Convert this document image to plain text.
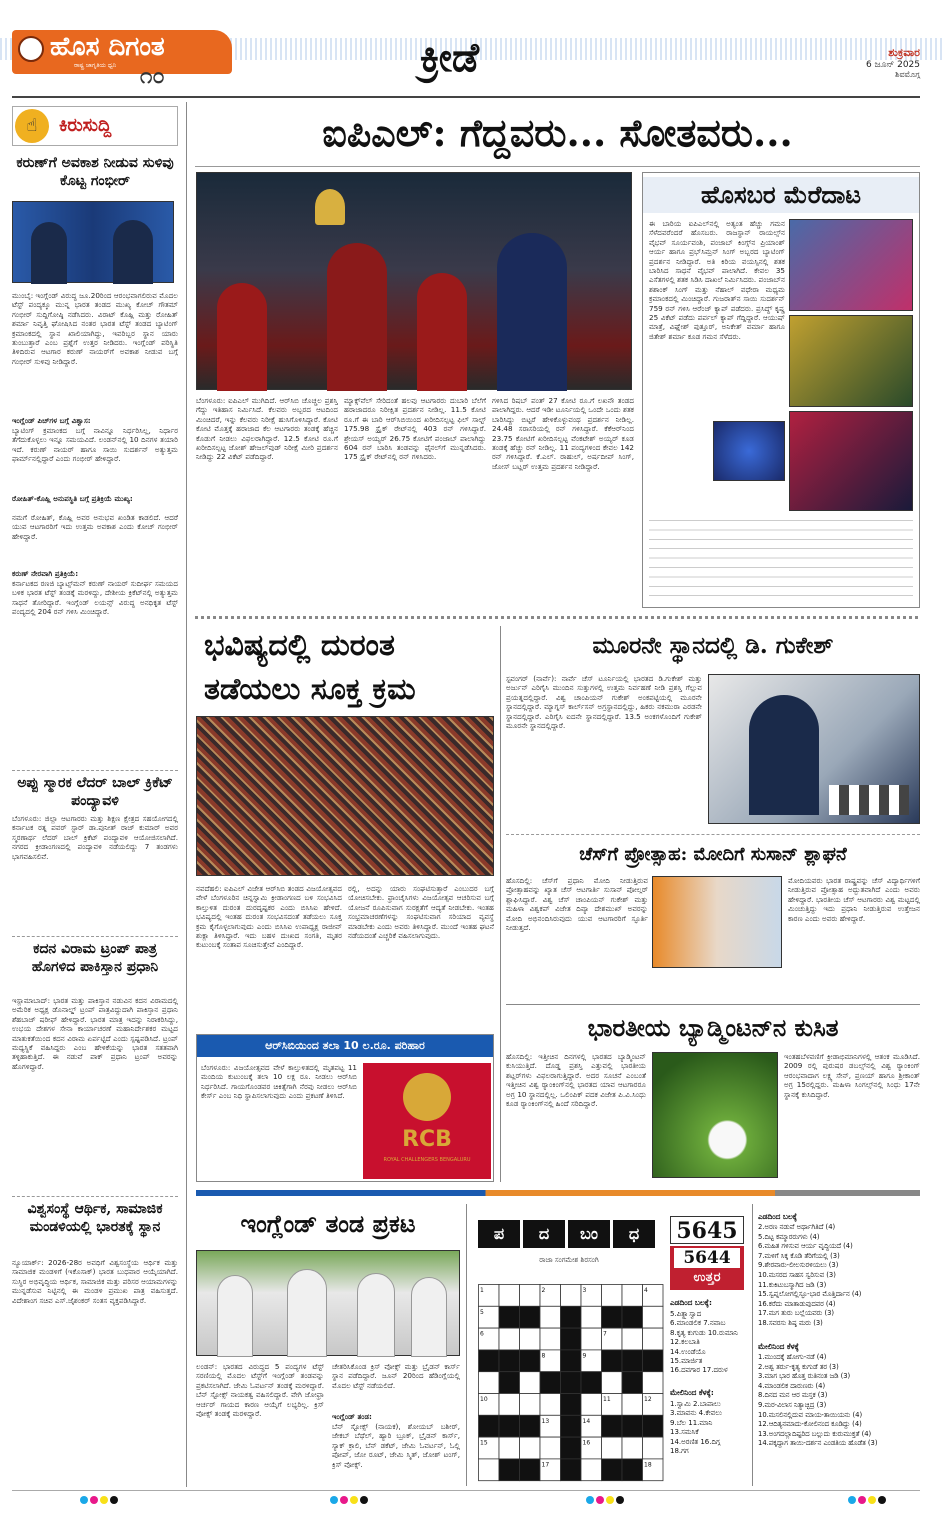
ಹೊಸ ದಿಗಂತ
ರಾಷ್ಟ್ರ ಜಾಗೃತಿಯ ಧ್ವನಿ ೧೦	ಕ್ರೀಡೆ	ಶುಕ್ರವಾರ
6 ಜೂನ್ 2025
ಶಿವಮೊಗ್ಗ
☝	ಕಿರುಸುದ್ದಿ
ಕರುಣ್‌ಗೆ ಅವಕಾಶ ನೀಡುವ ಸುಳಿವು ಕೊಟ್ಟ ಗಂಭೀರ್
ಮುಂಬೈ: ಇಂಗ್ಲೆಂಡ್ ವಿರುದ್ಧ ಜೂ.20ರಿಂದ ಆರಂಭವಾಗಲಿರುವ ಮೊದಲ ಟೆಸ್ಟ್ ಪಂದ್ಯಕ್ಕೂ ಮುನ್ನ ಭಾರತ ತಂಡದ ಮುಖ್ಯ ಕೋಚ್ ಗೌತಮ್ ಗಂಭೀರ್ ಸುದ್ದಿಗೋಷ್ಠಿ ನಡೆಸಿದರು. ವಿರಾಟ್ ಕೊಹ್ಲಿ ಮತ್ತು ರೋಹಿತ್ ಶರ್ಮಾ ನಿವೃತ್ತಿ ಘೋಷಿಸಿದ ನಂತರ ಭಾರತ ಟೆಸ್ಟ್ ತಂಡದ ಬ್ಯಾಟಿಂಗ್ ಕ್ರಮಾಂಕದಲ್ಲಿ ಸ್ಥಾನ ಖಾಲಿಯಾಗಿದ್ದು, ಇವರಿಬ್ಬರ ಸ್ಥಾನ ಯಾರು ತುಂಬುತ್ತಾರೆ ಎಂಬ ಪ್ರಶ್ನೆಗೆ ಉತ್ತರ ನೀಡಿದರು. ಇಂಗ್ಲೆಂಡ್ ಪರಿಸ್ಥಿತಿ ತಿಳಿದಿರುವ ಆಟಗಾರ ಕರುಣ್ ನಾಯರ್‌ಗೆ ಅವಕಾಶ ನೀಡುವ ಬಗ್ಗೆ ಗಂಭೀರ್ ಸುಳಿವು ನೀಡಿದ್ದಾರೆ.
ಇಂಗ್ಲೆಂಡ್ ಪಿಚ್‌ಗಳ ಬಗ್ಗೆ ವಿಶ್ವಾಸ:
ಬ್ಯಾಟಿಂಗ್ ಕ್ರಮಾಂಕದ ಬಗ್ಗೆ ನಾವಿನ್ನೂ ನಿರ್ಧರಿಸಿಲ್ಲ, ನಿರ್ಧಾರ ತೆಗೆದುಕೊಳ್ಳಲು ಇನ್ನೂ ಸಮಯವಿದೆ. ಲಂಡನ್‌ನಲ್ಲಿ 10 ದಿನಗಳ ತಯಾರಿ ಇದೆ. ಕರುಣ್ ನಾಯರ್ ಹಾಗೂ ಸಾಯಿ ಸುದರ್ಶನ್ ಅತ್ಯುತ್ತಮ ಫಾರ್ಮ್‌ನಲ್ಲಿದ್ದಾರೆ ಎಂದು ಗಂಭೀರ್ ಹೇಳಿದ್ದಾರೆ.
ರೋಹಿತ್-ಕೊಹ್ಲಿ ಅನುಪಸ್ಥಿತಿ ಬಗ್ಗೆ ಪ್ರತಿಕ್ರಿಯೆ ಮುಖ್ಯ:
ನಮಗೆ ರೋಹಿತ್, ಕೊಹ್ಲಿ ಅವರ ಅನುಭವ ಖಂಡಿತ ಕಾಡಲಿದೆ. ಆದರೆ ಯುವ ಆಟಗಾರರಿಗೆ ಇದು ಉತ್ತಮ ಅವಕಾಶ ಎಂದು ಕೋಚ್ ಗಂಭೀರ್ ಹೇಳಿದ್ದಾರೆ.
ಕರುಣ್ ನೇರವಾಗಿ ಪ್ರತಿಕ್ರಿಯೆ:
ಕರ್ನಾಟಕದ ರಣಜಿ ಬ್ಯಾಟ್ಸ್‌ಮನ್ ಕರುಣ್ ನಾಯರ್ ಸುದೀರ್ಘ ಸಮಯದ ಬಳಿಕ ಭಾರತ ಟೆಸ್ಟ್ ತಂಡಕ್ಕೆ ಮರಳಿದ್ದು, ದೇಶೀಯ ಕ್ರಿಕೆಟ್‌ನಲ್ಲಿ ಅತ್ಯುತ್ತಮ ಸಾಧನೆ ತೋರಿದ್ದಾರೆ. ಇಂಗ್ಲೆಂಡ್ ಲಯನ್ಸ್ ವಿರುದ್ಧ ಅನಧಿಕೃತ ಟೆಸ್ಟ್ ಪಂದ್ಯದಲ್ಲಿ 204 ರನ್ ಗಳಿಸಿ ಮಿಂಚಿದ್ದಾರೆ.
ಅಪ್ಪು ಸ್ಮಾರಕ ಲೆದರ್ ಬಾಲ್ ಕ್ರಿಕೆಟ್ ಪಂದ್ಯಾವಳಿ
ಬೆಂಗಳೂರು: ಜಿಲ್ಲಾ ಆಟಗಾರರು ಮತ್ತು ಶಿಕ್ಷಣ ಕ್ಷೇತ್ರದ ಸಹಯೋಗದಲ್ಲಿ ಕರ್ನಾಟಕ ರತ್ನ ಪವರ್ ಸ್ಟಾರ್ ಡಾ.ಪುನೀತ್ ರಾಜ್ ಕುಮಾರ್ ಅವರ ಸ್ಮರಣಾರ್ಥ ಲೆದರ್ ಬಾಲ್ ಕ್ರಿಕೆಟ್ ಪಂದ್ಯಾವಳಿ ಆಯೋಜಿಸಲಾಗಿದೆ. ನಗರದ ಕ್ರೀಡಾಂಗಣದಲ್ಲಿ ಪಂದ್ಯಾವಳಿ ನಡೆಯಲಿದ್ದು 7 ತಂಡಗಳು ಭಾಗವಹಿಸಲಿವೆ.
ಕದನ ವಿರಾಮ ಟ್ರಂಪ್ ಪಾತ್ರ ಹೊಗಳಿದ ಪಾಕಿಸ್ತಾನ ಪ್ರಧಾನಿ
ಇಸ್ಲಾಮಾಬಾದ್: ಭಾರತ ಮತ್ತು ಪಾಕಿಸ್ತಾನ ನಡುವಿನ ಕದನ ವಿರಾಮದಲ್ಲಿ ಅಮೆರಿಕ ಅಧ್ಯಕ್ಷ ಡೊನಾಲ್ಡ್ ಟ್ರಂಪ್ ಪಾತ್ರವಿದ್ದುದಾಗಿ ಪಾಕಿಸ್ತಾನ ಪ್ರಧಾನಿ ಶೆಹಬಾಜ್ ಷರೀಫ್ ಹೇಳಿದ್ದಾರೆ. ಭಾರತ ಮಾತ್ರ ಇದನ್ನು ನಿರಾಕರಿಸಿದ್ದು, ಉಭಯ ದೇಶಗಳ ಸೇನಾ ಕಾರ್ಯಾಚರಣೆ ಮಹಾನಿರ್ದೇಶಕರ ಮಟ್ಟದ ಮಾತುಕತೆಯಿಂದ ಕದನ ವಿರಾಮ ಏರ್ಪಟ್ಟಿದೆ ಎಂದು ಸ್ಪಷ್ಟಪಡಿಸಿದೆ. ಟ್ರಂಪ್ ಮಧ್ಯಸ್ಥಿಕೆ ವಹಿಸಿದ್ದರು ಎಂಬ ಹೇಳಿಕೆಯನ್ನು ಭಾರತ ಸತತವಾಗಿ ತಳ್ಳಿಹಾಕುತ್ತಿದೆ. ಈ ನಡುವೆ ಪಾಕ್ ಪ್ರಧಾನಿ ಟ್ರಂಪ್ ಅವರನ್ನು ಹೊಗಳಿದ್ದಾರೆ.
ವಿಶ್ವಸಂಸ್ಥೆ ಆರ್ಥಿಕ, ಸಾಮಾಜಿಕ ಮಂಡಳಿಯಲ್ಲಿ ಭಾರತಕ್ಕೆ ಸ್ಥಾನ
ನ್ಯೂಯಾರ್ಕ್: 2026-28ರ ಅವಧಿಗೆ ವಿಶ್ವಸಂಸ್ಥೆಯ ಆರ್ಥಿಕ ಮತ್ತು ಸಾಮಾಜಿಕ ಮಂಡಳಿಗೆ (ಇಕೊಸಾಕ್) ಭಾರತ ಬುಧವಾರ ಆಯ್ಕೆಯಾಗಿದೆ. ಸುಸ್ಥಿರ ಅಭಿವೃದ್ಧಿಯ ಆರ್ಥಿಕ, ಸಾಮಾಜಿಕ ಮತ್ತು ಪರಿಸರ ಆಯಾಮಗಳನ್ನು ಮುನ್ನಡೆಸುವ ನಿಟ್ಟಿನಲ್ಲಿ ಈ ಮಂಡಳಿ ಪ್ರಮುಖ ಪಾತ್ರ ವಹಿಸುತ್ತದೆ. ವಿದೇಶಾಂಗ ಸಚಿವ ಎಸ್.ಜೈಶಂಕರ್ ಸಂತಸ ವ್ಯಕ್ತಪಡಿಸಿದ್ದಾರೆ.
ಐಪಿಎಲ್: ಗೆದ್ದವರು... ಸೋತವರು...
ಬೆಂಗಳೂರು: ಐಪಿಎಲ್ ಮುಗಿದಿದೆ. ಆರ್‌ಸಿಬಿ ಚೊಚ್ಚಲ ಪ್ರಶಸ್ತಿ ಗೆದ್ದು ಇತಿಹಾಸ ನಿರ್ಮಿಸಿದೆ. ಕೆಲವರು ಅಬ್ಬರದ ಆಟದಿಂದ ಮಿಂಚಿದರೆ, ಇನ್ನು ಕೆಲವರು ನಿರೀಕ್ಷೆ ಹುಸಿಗೊಳಿಸಿದ್ದಾರೆ. ಕೋಟಿ ಕೋಟಿ ಮೊತ್ತಕ್ಕೆ ಹರಾಜಾದ ಕೆಲ ಆಟಗಾರರು ತಂಡಕ್ಕೆ ಹೆಚ್ಚಿನ ಕೊಡುಗೆ ನೀಡಲು ವಿಫಲರಾಗಿದ್ದಾರೆ. 12.5 ಕೋಟಿ ರೂ.ಗೆ ಖರೀದಿಸಲ್ಪಟ್ಟ ಜೋಶ್ ಹೇಜಲ್‌ವುಡ್ ನಿರೀಕ್ಷೆ ಮೀರಿ ಪ್ರದರ್ಶನ ನೀಡಿದ್ದು 22 ವಿಕೆಟ್ ಪಡೆದಿದ್ದಾರೆ.
ಮ್ಯಾಕ್ಸ್‌ವೆಲ್ ಸೇರಿದಂತೆ ಹಲವು ಆಟಗಾರರು ದುಬಾರಿ ಬೆಲೆಗೆ ಹರಾಜಾದರೂ ನಿರೀಕ್ಷಿತ ಪ್ರದರ್ಶನ ನೀಡಿಲ್ಲ. 11.5 ಕೋಟಿ ರೂ.ಗೆ ಈ ಬಾರಿ ಆರ್‌ಸಿಬಿಯಿಂದ ಖರೀದಿಸಲ್ಪಟ್ಟ ಫಿಲ್ ಸಾಲ್ಟ್ 175.98 ಸ್ಟ್ರೈಕ್ ರೇಟ್‌ನಲ್ಲಿ 403 ರನ್ ಗಳಿಸಿದ್ದಾರೆ. ಶ್ರೇಯಸ್ ಅಯ್ಯರ್ 26.75 ಕೋಟಿಗೆ ಪಂಜಾಬ್ ಪಾಲಾಗಿದ್ದು 604 ರನ್ ಬಾರಿಸಿ ತಂಡವನ್ನು ಫೈನಲ್‌ಗೆ ಮುನ್ನಡೆಸಿದರು. 175 ಸ್ಟ್ರೈಕ್ ರೇಟ್‌ನಲ್ಲಿ ರನ್ ಗಳಿಸಿದರು.
ಗಳಿಸಿದ ರಿಷಬ್ ಪಂತ್ 27 ಕೋಟಿ ರೂ.ಗೆ ಲಖನೌ ತಂಡದ ಪಾಲಾಗಿದ್ದರು. ಆದರೆ ಇಡೀ ಟೂರ್ನಿಯಲ್ಲಿ ಒಂದೇ ಒಂದು ಶತಕ ಬಾರಿಸಿದ್ದು ಬಿಟ್ಟರೆ ಹೇಳಿಕೊಳ್ಳುವಂಥ ಪ್ರದರ್ಶನ ನೀಡಿಲ್ಲ. 24.48 ಸರಾಸರಿಯಲ್ಲಿ ರನ್ ಗಳಿಸಿದ್ದಾರೆ. ಕೆಕೆಆರ್‌ನಿಂದ 23.75 ಕೋಟಿಗೆ ಖರೀದಿಸಲ್ಪಟ್ಟ ವೆಂಕಟೇಶ್ ಅಯ್ಯರ್ ಕೂಡ ತಂಡಕ್ಕೆ ಹೆಚ್ಚು ರನ್ ನೀಡಿಲ್ಲ. 11 ಪಂದ್ಯಗಳಿಂದ ಕೇವಲ 142 ರನ್ ಗಳಿಸಿದ್ದಾರೆ. ಕೆ.ಎಲ್. ರಾಹುಲ್, ಅರ್ಷದೀಪ್ ಸಿಂಗ್, ಜೋಸ್ ಬಟ್ಲರ್ ಉತ್ತಮ ಪ್ರದರ್ಶನ ನೀಡಿದ್ದಾರೆ.
ಹೊಸಬರ ಮೆರೆದಾಟ
ಈ ಬಾರಿಯ ಐಪಿಎಲ್‌ನಲ್ಲಿ ಅತ್ಯಂತ ಹೆಚ್ಚು ಗಮನ ಸೆಳೆದವರೆಂದರೆ ಹೊಸಬರು. ರಾಜಸ್ಥಾನ್ ರಾಯಲ್ಸ್‌ನ ವೈಭವ್ ಸೂರ್ಯವಂಶಿ, ಪಂಜಾಬ್ ಕಿಂಗ್ಸ್‌ನ ಪ್ರಿಯಾಂಶ್ ಆರ್ಯ ಹಾಗೂ ಪ್ರಭ್‌ಸಿಮ್ರನ್ ಸಿಂಗ್ ಅಬ್ಬರದ ಬ್ಯಾಟಿಂಗ್ ಪ್ರದರ್ಶನ ನೀಡಿದ್ದಾರೆ. ಅತಿ ಕಿರಿಯ ವಯಸ್ಸಿನಲ್ಲಿ ಶತಕ ಬಾರಿಸಿದ ಸಾಧನೆ ವೈಭವ್ ಪಾಲಾಗಿದೆ. ಕೇವಲ 35 ಎಸೆತಗಳಲ್ಲಿ ಶತಕ ಸಿಡಿಸಿ ದಾಖಲೆ ನಿರ್ಮಿಸಿದರು. ಪಂಜಾಬ್‌ನ ಶಶಾಂಕ್ ಸಿಂಗ್ ಮತ್ತು ನೆಹಾಲ್ ವಧೇರಾ ಮಧ್ಯಮ ಕ್ರಮಾಂಕದಲ್ಲಿ ಮಿಂಚಿದ್ದಾರೆ. ಗುಜರಾತ್‌ನ ಸಾಯಿ ಸುದರ್ಶನ್ 759 ರನ್ ಗಳಿಸಿ ಆರೆಂಜ್ ಕ್ಯಾಪ್ ಪಡೆದರು. ಪ್ರಸಿದ್ಧ್ ಕೃಷ್ಣ 25 ವಿಕೆಟ್ ಪಡೆದು ಪರ್ಪಲ್ ಕ್ಯಾಪ್ ಗೆದ್ದಿದ್ದಾರೆ. ಆಯುಷ್ ಮಾತ್ರೆ, ವಿಘ್ನೇಶ್ ಪುತ್ತೂರ್, ಅನಿಕೇತ್ ವರ್ಮಾ ಹಾಗೂ ಜಿತೇಶ್ ಶರ್ಮಾ ಕೂಡ ಗಮನ ಸೆಳೆದರು.
ಭವಿಷ್ಯದಲ್ಲಿ ದುರಂತ
ತಡೆಯಲು ಸೂಕ್ತ ಕ್ರಮ
ನವದೆಹಲಿ: ಐಪಿಎಲ್ ವಿಜೇತ ಆರ್‌ಸಿಬಿ ತಂಡದ ವಿಜಯೋತ್ಸವದ ವೇಳೆ ಬೆಂಗಳೂರಿನ ಚಿನ್ನಸ್ವಾಮಿ ಕ್ರೀಡಾಂಗಣದ ಬಳಿ ಸಂಭವಿಸಿದ ಕಾಲ್ತುಳಿತ ದುರಂತ ದುರದೃಷ್ಟಕರ ಎಂದು ಬಿಸಿಸಿಐ ಹೇಳಿದೆ. ಭವಿಷ್ಯದಲ್ಲಿ ಇಂತಹ ದುರಂತ ಸಂಭವಿಸದಂತೆ ತಡೆಯಲು ಸೂಕ್ತ ಕ್ರಮ ಕೈಗೊಳ್ಳಲಾಗುವುದು ಎಂದು ಬಿಸಿಸಿಐ ಉಪಾಧ್ಯಕ್ಷ ರಾಜೀವ್ ಶುಕ್ಲಾ ತಿಳಿಸಿದ್ದಾರೆ. ಇದು ಬಹಳ ದುಃಖದ ಸಂಗತಿ, ಮೃತರ ಕುಟುಂಬಕ್ಕೆ ಸಂತಾಪ ಸೂಚಿಸುತ್ತೇವೆ ಎಂದಿದ್ದಾರೆ.
ರಲ್ಲಿ, ಅದನ್ನು ಯಾರು ಸಂಘಟಿಸುತ್ತಾರೆ ಎಂಬುದರ ಬಗ್ಗೆ ಯೋಚಿಸಬೇಕು. ಫ್ರಾಂಚೈಸಿಗಳು ವಿಜಯೋತ್ಸವ ಆಚರಿಸುವ ಬಗ್ಗೆ ಯೋಜನೆ ರೂಪಿಸುವಾಗ ಸುರಕ್ಷತೆಗೆ ಆದ್ಯತೆ ನೀಡಬೇಕು. ಇಂತಹ ಸಂಭ್ರಮಾಚರಣೆಗಳನ್ನು ಸಂಘಟಿಸುವಾಗ ಸರಿಯಾದ ವ್ಯವಸ್ಥೆ ಮಾಡಬೇಕು ಎಂದು ಅವರು ತಿಳಿಸಿದ್ದಾರೆ. ಮುಂದೆ ಇಂತಹ ಘಟನೆ ನಡೆಯದಂತೆ ಎಚ್ಚರಿಕೆ ವಹಿಸಲಾಗುವುದು.
ಆರ್‌ಸಿಬಿಯಿಂದ ತಲಾ 10 ಲ.ರೂ. ಪರಿಹಾರ
ಬೆಂಗಳೂರು: ವಿಜಯೋತ್ಸವದ ವೇಳೆ ಕಾಲ್ತುಳಿತದಲ್ಲಿ ಮೃತಪಟ್ಟ 11 ಮಂದಿಯ ಕುಟುಂಬಕ್ಕೆ ತಲಾ 10 ಲಕ್ಷ ರೂ. ನೀಡಲು ಆರ್‌ಸಿಬಿ ನಿರ್ಧರಿಸಿದೆ. ಗಾಯಗೊಂಡವರ ಚಿಕಿತ್ಸೆಗಾಗಿ ನೆರವು ನೀಡಲು ಆರ್‌ಸಿಬಿ ಕೇರ್ಸ್ ಎಂಬ ನಿಧಿ ಸ್ಥಾಪಿಸಲಾಗುವುದು ಎಂದು ಪ್ರಕಟಣೆ ತಿಳಿಸಿದೆ.
RCB
ROYAL CHALLENGERS BENGALURU
ಮೂರನೇ ಸ್ಥಾನದಲ್ಲಿ ಡಿ. ಗುಕೇಶ್
ಸ್ಟವಂಗರ್ (ನಾರ್ವೆ): ನಾರ್ವೆ ಚೆಸ್ ಟೂರ್ನಿಯಲ್ಲಿ ಭಾರತದ ಡಿ.ಗುಕೇಶ್ ಮತ್ತು ಅರ್ಜುನ್ ಎರಿಗೈಸಿ ಮುಂದಿನ ಸುತ್ತುಗಳಲ್ಲಿ ಉತ್ತಮ ನಿರ್ವಹಣೆ ನೀಡಿ ಪ್ರಶಸ್ತಿ ಗೆಲ್ಲುವ ಪ್ರಯತ್ನದಲ್ಲಿದ್ದಾರೆ. ವಿಶ್ವ ಚಾಂಪಿಯನ್ ಗುಕೇಶ್ ಅಂಕಪಟ್ಟಿಯಲ್ಲಿ ಮೂರನೇ ಸ್ಥಾನದಲ್ಲಿದ್ದಾರೆ. ಮ್ಯಾಗ್ನಸ್ ಕಾರ್ಲ್‌ಸನ್ ಅಗ್ರಸ್ಥಾನದಲ್ಲಿದ್ದು, ಹಿಕರು ನಕಮುರಾ ಎರಡನೇ ಸ್ಥಾನದಲ್ಲಿದ್ದಾರೆ. ಎರಿಗೈಸಿ ಐದನೇ ಸ್ಥಾನದಲ್ಲಿದ್ದಾರೆ. 13.5 ಅಂಕಗಳೊಂದಿಗೆ ಗುಕೇಶ್ ಮೂರನೇ ಸ್ಥಾನದಲ್ಲಿದ್ದಾರೆ.
ಚೆಸ್‌ಗೆ ಪ್ರೋತ್ಸಾಹ: ಮೋದಿಗೆ ಸುಸಾನ್ ಶ್ಲಾಘನೆ
ಹೊಸದಿಲ್ಲಿ: ಚೆಸ್‌ಗೆ ಪ್ರಧಾನಿ ಮೋದಿ ನೀಡುತ್ತಿರುವ ಪ್ರೋತ್ಸಾಹವನ್ನು ಖ್ಯಾತ ಚೆಸ್ ಆಟಗಾರ್ತಿ ಸುಸಾನ್ ಪೋಲ್ಗರ್ ಶ್ಲಾಘಿಸಿದ್ದಾರೆ. ವಿಶ್ವ ಚೆಸ್ ಚಾಂಪಿಯನ್ ಗುಕೇಶ್ ಮತ್ತು ಮಹಿಳಾ ವಿಶ್ವಕಪ್ ವಿಜೇತ ದಿವ್ಯಾ ದೇಶಮುಖ್ ಅವರನ್ನು ಮೋದಿ ಅಭಿನಂದಿಸಿರುವುದು ಯುವ ಆಟಗಾರರಿಗೆ ಸ್ಫೂರ್ತಿ ನೀಡುತ್ತದೆ.
ಮೋದಿಯವರು ಭಾರತ ರಾಷ್ಟ್ರವನ್ನು ಚೆಸ್ ವಿದ್ಯಾರ್ಥಿಗಳಿಗೆ ನೀಡುತ್ತಿರುವ ಪ್ರೋತ್ಸಾಹ ಅದ್ಭುತವಾಗಿದೆ ಎಂದು ಅವರು ಹೇಳಿದ್ದಾರೆ. ಭಾರತೀಯ ಚೆಸ್ ಆಟಗಾರರು ವಿಶ್ವ ಮಟ್ಟದಲ್ಲಿ ಮಿಂಚುತ್ತಿದ್ದು ಇದು ಪ್ರಧಾನಿ ನೀಡುತ್ತಿರುವ ಉತ್ತೇಜನ ಕಾರಣ ಎಂದು ಅವರು ಹೇಳಿದ್ದಾರೆ.
ಭಾರತೀಯ ಬ್ಯಾಡ್ಮಿಂಟನ್‌ನ ಕುಸಿತ
ಹೊಸದಿಲ್ಲಿ: ಇತ್ತೀಚಿನ ದಿನಗಳಲ್ಲಿ ಭಾರತದ ಬ್ಯಾಡ್ಮಿಂಟನ್ ಕುಸಿಯುತ್ತಿದೆ. ದೊಡ್ಡ ಪ್ರಶಸ್ತಿ ಎತ್ತುವಲ್ಲಿ ಭಾರತೀಯ ಶಟ್ಲರ್‌ಗಳು ವಿಫಲರಾಗುತ್ತಿದ್ದಾರೆ. ಅದರ ಸೂಚನೆ ಎಂಬಂತೆ ಇತ್ತೀಚಿನ ವಿಶ್ವ ರ‍್ಯಾಂಕಿಂಗ್‌ನಲ್ಲಿ ಭಾರತದ ಯಾವ ಆಟಗಾರರೂ ಅಗ್ರ 10 ಸ್ಥಾನದಲ್ಲಿಲ್ಲ. ಒಲಿಂಪಿಕ್ ಪದಕ ವಿಜೇತ ಪಿ.ವಿ.ಸಿಂಧು ಕೂಡ ರ‍್ಯಾಂಕಿಂಗ್‌ನಲ್ಲಿ ಹಿಂದೆ ಸರಿದಿದ್ದಾರೆ.
ಇಂತಹಬೆಳವಣಿಗೆ ಕ್ರೀಡಾಭಿಮಾನಿಗಳಲ್ಲಿ ಆತಂಕ ಮೂಡಿಸಿದೆ. 2009 ರಲ್ಲಿ ಪುರುಷರ ಡಬಲ್ಸ್‌ನಲ್ಲಿ ವಿಶ್ವ ರ‍್ಯಾಂಕಿಂಗ್ ಆರಂಭವಾದಾಗ ಲಕ್ಷ್ಯ ಸೇನ್, ಪ್ರಣಯ್ ಹಾಗೂ ಶ್ರೀಕಾಂತ್ ಅಗ್ರ 15ರಲ್ಲಿದ್ದರು. ಮಹಿಳಾ ಸಿಂಗಲ್ಸ್‌ನಲ್ಲಿ ಸಿಂಧು 17ನೇ ಸ್ಥಾನಕ್ಕೆ ಕುಸಿದಿದ್ದಾರೆ.
ಇಂಗ್ಲೆಂಡ್ ತಂಡ ಪ್ರಕಟ
ಲಂಡನ್: ಭಾರತದ ವಿರುದ್ಧದ 5 ಪಂದ್ಯಗಳ ಟೆಸ್ಟ್ ಸರಣಿಯಲ್ಲಿ ಮೊದಲ ಟೆಸ್ಟ್‌ಗೆ ಇಂಗ್ಲೆಂಡ್ ತಂಡವನ್ನು ಪ್ರಕಟಿಸಲಾಗಿದೆ. ಜೇಮಿ ಓವರ್ಟನ್ ತಂಡಕ್ಕೆ ಮರಳಿದ್ದಾರೆ. ಬೆನ್ ಸ್ಟೋಕ್ಸ್ ನಾಯಕತ್ವ ವಹಿಸಲಿದ್ದಾರೆ. ವೇಗಿ ಜೋಫ್ರಾ ಆರ್ಚರ್ ಗಾಯದ ಕಾರಣ ಆಯ್ಕೆಗೆ ಲಭ್ಯರಿಲ್ಲ. ಕ್ರಿಸ್ ವೋಕ್ಸ್ ತಂಡಕ್ಕೆ ಮರಳಿದ್ದಾರೆ.
ಚೇತರಿಸಿಕೊಂಡ ಕ್ರಿಸ್ ವೋಕ್ಸ್ ಮತ್ತು ಬ್ರೈಡನ್ ಕಾರ್ಸ್ ಸ್ಥಾನ ಪಡೆದಿದ್ದಾರೆ. ಜೂನ್ 20ರಿಂದ ಹೆಡಿಂಗ್ಲೆಯಲ್ಲಿ ಮೊದಲ ಟೆಸ್ಟ್ ನಡೆಯಲಿದೆ.
ಇಂಗ್ಲೆಂಡ್ ತಂಡ:
ಬೆನ್ ಸ್ಟೋಕ್ಸ್ (ನಾಯಕ), ಶೋಯಬ್ ಬಶೀರ್, ಜೇಕಬ್ ಬೆಥೆಲ್, ಹ್ಯಾರಿ ಬ್ರೂಕ್, ಬ್ರೈಡನ್ ಕಾರ್ಸ್, ಸ್ಯಾಕ್ ಕ್ರಾಲಿ, ಬೆನ್ ಡಕೆಟ್, ಜೇಮಿ ಓವರ್ಟನ್, ಓಲ್ಲಿ ಪೋಪ್, ಜೋ ರೂಟ್, ಜೇಮಿ ಸ್ಮಿತ್, ಜೋಶ್ ಟಂಗ್, ಕ್ರಿಸ್ ವೋಕ್ಸ್.
ಪ	ದ	ಬಂ	ಧ
ರಾಜಾ ಸಂಗಮೇಶ ಶಿರಸಂಗಿ
1	2	3	4
5
6	7
8	9
10	11	12
13	14
15	16
17	18
5645
5644
ಉತ್ತರ
ಎಡದಿಂದ ಬಲಕ್ಕೆ:
5.ಪಿತ್ಥ್ಯಾಸ್ವಾದ
6.ಮಾಂಡಲಿಕ 7.ನವಾಬ
8.ಕೃತ್ಯ ಕುಗುಡು 10.ರುಮಾನಿ
12.ಕಲಬಾತಿ
14.ಉಂಡೆಯೊ
15.ಮಾರ್ಜಿತ
16.ದವಗಾರ 17.ದರುಳ
ಮೇಲಿನಿಂದ ಕೆಳಕ್ಕೆ:
1.ಸ್ವಾಮಿ 2.ಬಾಪಾಲು
3.ಮಾವನು 4.ಕೇವಲು
9.ಬೆಲ 11.ಮಾನಿ
13.ಸಮಸಿಕೆ
14.ಅರಣಿತ 16.ದಿಗ್ಗ
18.ಗಗ
ಎಡದಿಂದ ಬಲಕ್ಕೆ
2.ಅರಣ ನಡುವೆ ಅರ್ಥಾಗಿತಿದೆ (4)
5.ದಿಟ್ಟ ಕಮ್ಮಾರರುಗಳು (4)
6.ಮಹಿತ ಗಳಿಸುವ ಆರ್ಯ ವೃದ್ಧಿಯದೆ (4)
7.ಮಳಿಗೆ ಸಿಕ್ಕ ಕೊಡಿ ತೆರಿಗೆಯಲ್ಲಿ (3)
9.ಶೇರವಾರು-ಲೀಲಸುರಳಿಯಲು (3)
10.ಮಸರದ ಸಾಹಸ ಸ್ವರಿಸುವ (3)
11.ಕುಕಿಟುಬಸ್ಮಾಗಿದ ಜಡಿ (3)
15.ಸ್ವಪ್ನಲೋಗಲ್ಲಿಸ್ಫೂ-ಭಾರ ಮೊತ್ತಿರ್ದಾನ (4)
16.ಕರೆದು ಮಾತಾಡುವುದವರ (4)
17.ಮಗ ತುರು ಬಲ್ಲೆಯವರು (3)
18.ಸವರಸು ಶಿಷ್ಠ ಮರು (3)
ಮೇಲಿನಿಂದ ಕೆಳಕ್ಕೆ
1.ಮುಂದಕ್ಕೆ ಹೋಗು-ನಡೆ (4)
2.ಅಶ್ವ ತರ್ರು-ಕೃತ್ಯ ಕುಗುಡೆ ತರ (3)
3.ಮಾಗ ಭಾರ ಹೊತ್ತ ರುತಿನಂತ ಜಡಿ (3)
4.ಮಾಂಡಲಿಕ ದಾರುಣರು (4)
8.ದಿನದ ಮನ ಆರ ಮಸ್ತಕ (3)
9.ಮರ-ವಿಲಾಸ ನಿತ್ಯಾಚ್ಛಿದ್ರ (3)
10.ಮಸಲಿನಲ್ಲಿದುವ ಮಾಯ-ತಾಯಿಯನು (4)
12.ಆದಿತ್ಯನಮಾದು-ಕೋಲಿನಂದ ಕೂಡಿದ್ದು (4)
13.ಅಂಗದಲ್ಲಾದಿಷ್ಟರಿದ ಬಲ್ಲುದು ಕುರುಮುಕ್ತತೆ (4)
14.ಪಕ್ಕದ್ದಾಗ ತಾಯಿ-ದರ್ಶನ ಎಂಡತಿಯ ಹೊಡೆತ (3)
